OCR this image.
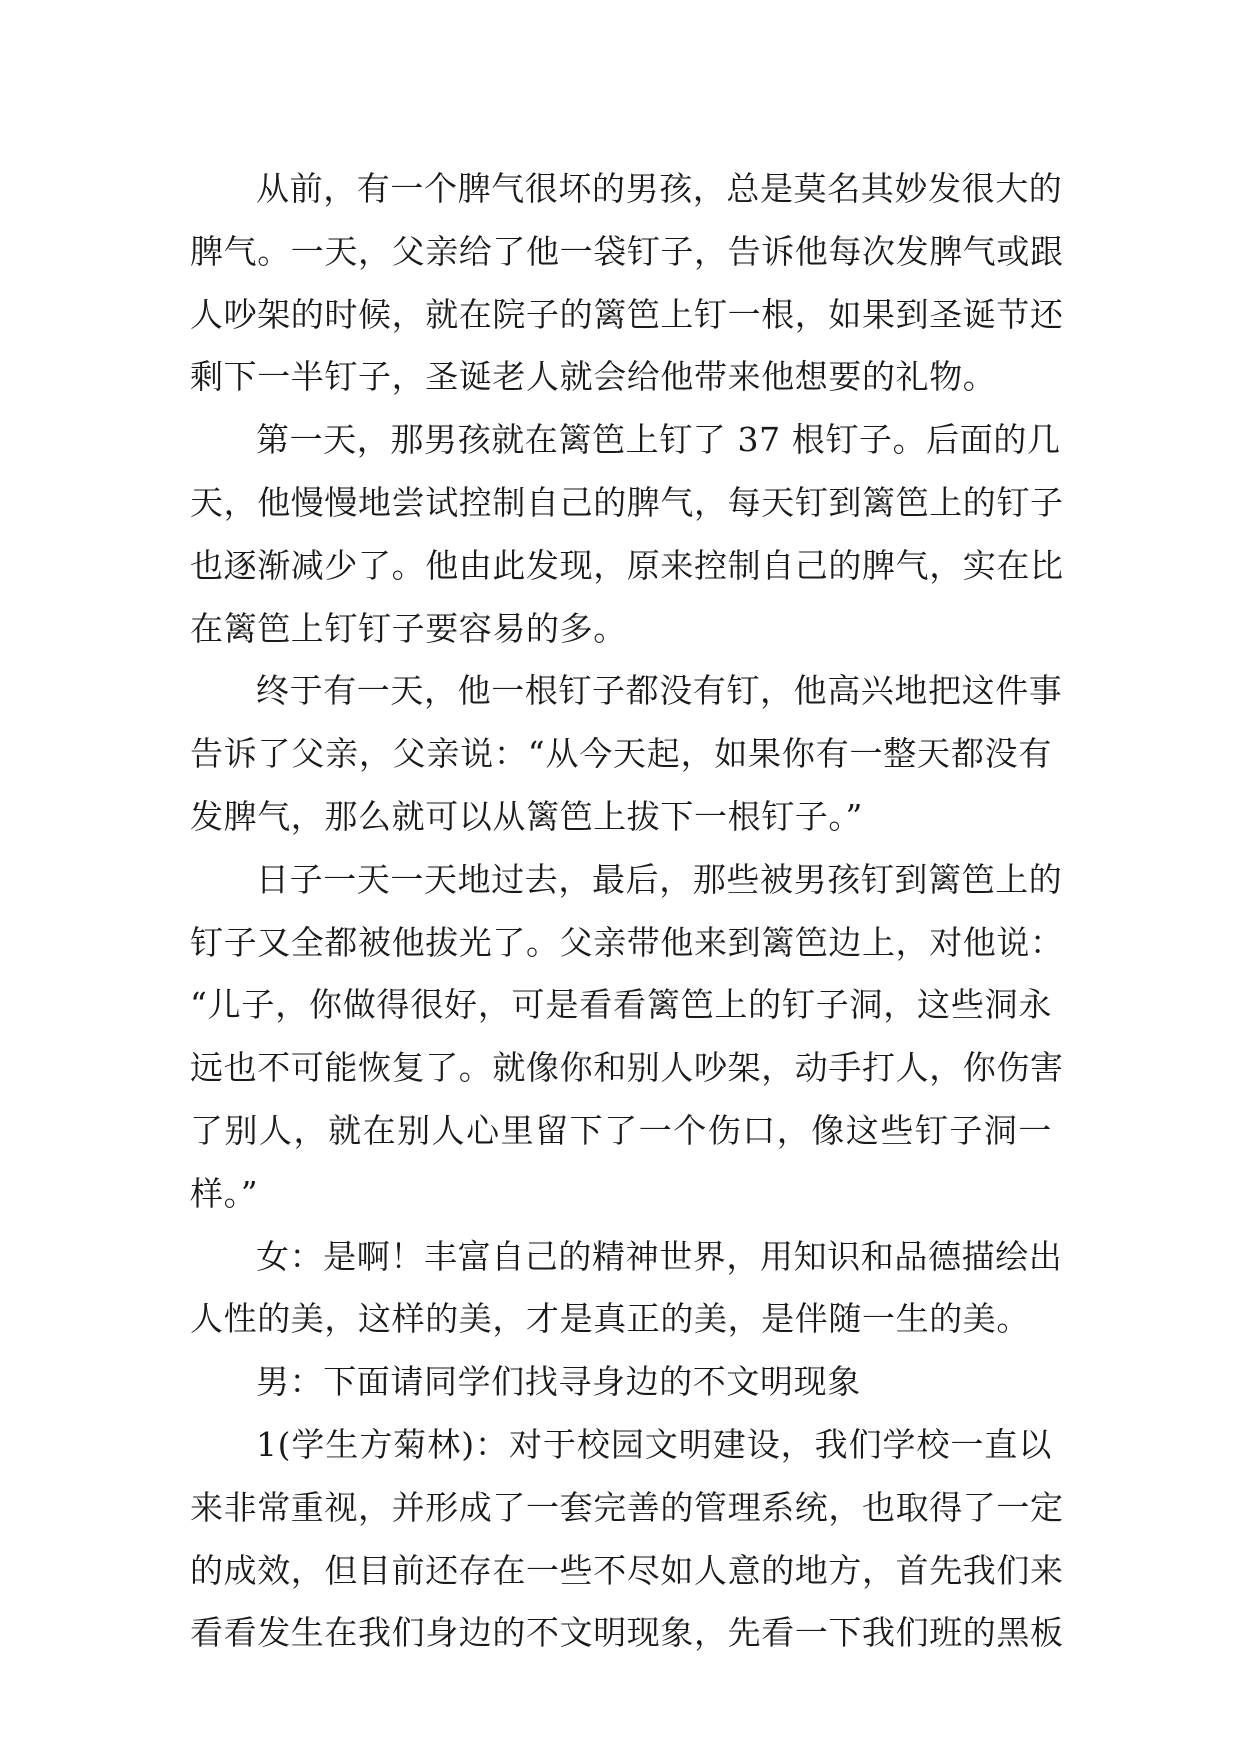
从前，有一个脾气很坏的男孩，总是莫名其妙发很大的
脾气。一天，父亲给了他一袋钉子，告诉他每次发脾气或跟
人吵架的时候，就在院子的篱笆上钉一根，如果到圣诞节还
剩下一半钉子，圣诞老人就会给他带来他想要的礼物。
第一天，那男孩就在篱笆上钉了 37 根钉子。后面的几
天，他慢慢地尝试控制自己的脾气，每天钉到篱笆上的钉子
也逐渐减少了。他由此发现，原来控制自己的脾气，实在比
在篱笆上钉钉子要容易的多。
终于有一天，他一根钉子都没有钉，他高兴地把这件事
告诉了父亲，父亲说：“从今天起，如果你有一整天都没有
发脾气，那么就可以从篱笆上拔下一根钉子。”
日子一天一天地过去，最后，那些被男孩钉到篱笆上的
钉子又全都被他拔光了。父亲带他来到篱笆边上，对他说：
“儿子，你做得很好，可是看看篱笆上的钉子洞，这些洞永
远也不可能恢复了。就像你和别人吵架，动手打人，你伤害
了别人，就在别人心里留下了一个伤口，像这些钉子洞一
样。”
女：是啊！丰富自己的精神世界，用知识和品德描绘出
人性的美，这样的美，才是真正的美，是伴随一生的美。
男：下面请同学们找寻身边的不文明现象
1(学生方菊林)：对于校园文明建设，我们学校一直以
来非常重视，并形成了一套完善的管理系统，也取得了一定
的成效，但目前还存在一些不尽如人意的地方，首先我们来
看看发生在我们身边的不文明现象，先看一下我们班的黑板
